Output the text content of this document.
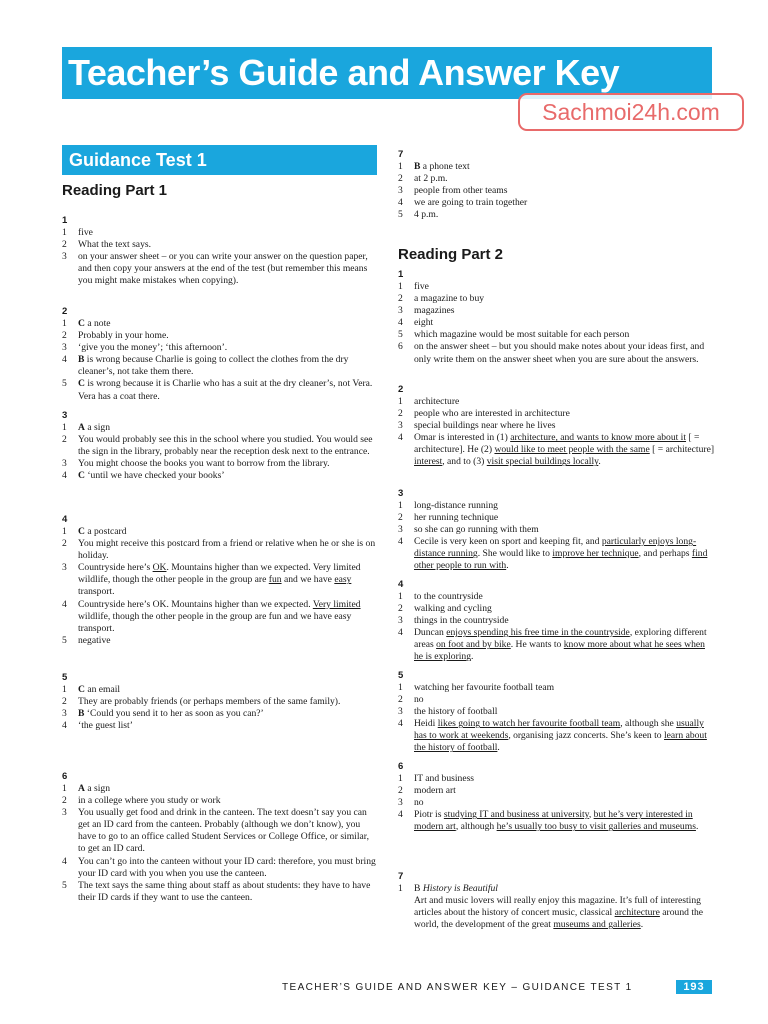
Teacher’s Guide and Answer Key
Sachmoi24h.com
Guidance Test 1
Reading Part 1
1
1	five
2	What the text says.
3	on your answer sheet – or you can write your answer on the question paper, and then copy your answers at the end of the test (but remember this means you might make mistakes when copying).
2
1	C a note
2	Probably in your home.
3	‘give you the money’; ‘this afternoon’.
4	B is wrong because Charlie is going to collect the clothes from the dry cleaner’s, not take them there.
5	C is wrong because it is Charlie who has a suit at the dry cleaner’s, not Vera. Vera has a coat there.
3
1	A a sign
2	You would probably see this in the school where you studied. You would see the sign in the library, probably near the reception desk next to the entrance.
3	You might choose the books you want to borrow from the library.
4	C ‘until we have checked your books’
4
1	C a postcard
2	You might receive this postcard from a friend or relative when he or she is on holiday.
3	Countryside here’s OK. Mountains higher than we expected. Very limited wildlife, though the other people in the group are fun and we have easy transport.
4	Countryside here’s OK. Mountains higher than we expected. Very limited wildlife, though the other people in the group are fun and we have easy transport.
5	negative
5
1	C an email
2	They are probably friends (or perhaps members of the same family).
3	B ‘Could you send it to her as soon as you can?’
4	‘the guest list’
6
1	A a sign
2	in a college where you study or work
3	You usually get food and drink in the canteen. The text doesn’t say you can get an ID card from the canteen. Probably (although we don’t know), you have to go to an office called Student Services or College Office, or similar, to get an ID card.
4	You can’t go into the canteen without your ID card: therefore, you must bring your ID card with you when you use the canteen.
5	The text says the same thing about staff as about students: they have to have their ID cards if they want to use the canteen.
7
1	B a phone text
2	at 2 p.m.
3	people from other teams
4	we are going to train together
5	4 p.m.
Reading Part 2
1
1	five
2	a magazine to buy
3	magazines
4	eight
5	which magazine would be most suitable for each person
6	on the answer sheet – but you should make notes about your ideas first, and only write them on the answer sheet when you are sure about the answers.
2
1	architecture
2	people who are interested in architecture
3	special buildings near where he lives
4	Omar is interested in (1) architecture, and wants to know more about it [ = architecture]. He (2) would like to meet people with the same [ = architecture] interest, and to (3) visit special buildings locally.
3
1	long-distance running
2	her running technique
3	so she can go running with them
4	Cecile is very keen on sport and keeping fit, and particularly enjoys long-distance running. She would like to improve her technique, and perhaps find other people to run with.
4
1	to the countryside
2	walking and cycling
3	things in the countryside
4	Duncan enjoys spending his free time in the countryside, exploring different areas on foot and by bike. He wants to know more about what he sees when he is exploring.
5
1	watching her favourite football team
2	no
3	the history of football
4	Heidi likes going to watch her favourite football team, although she usually has to work at weekends, organising jazz concerts. She’s keen to learn about the history of football.
6
1	IT and business
2	modern art
3	no
4	Piotr is studying IT and business at university, but he’s very interested in modern art, although he’s usually too busy to visit galleries and museums.
7
1	B History is Beautiful
Art and music lovers will really enjoy this magazine. It’s full of interesting articles about the history of concert music, classical architecture around the world, the development of the great museums and galleries.
TEACHER’S GUIDE AND ANSWER KEY – GUIDANCE TEST 1	193
